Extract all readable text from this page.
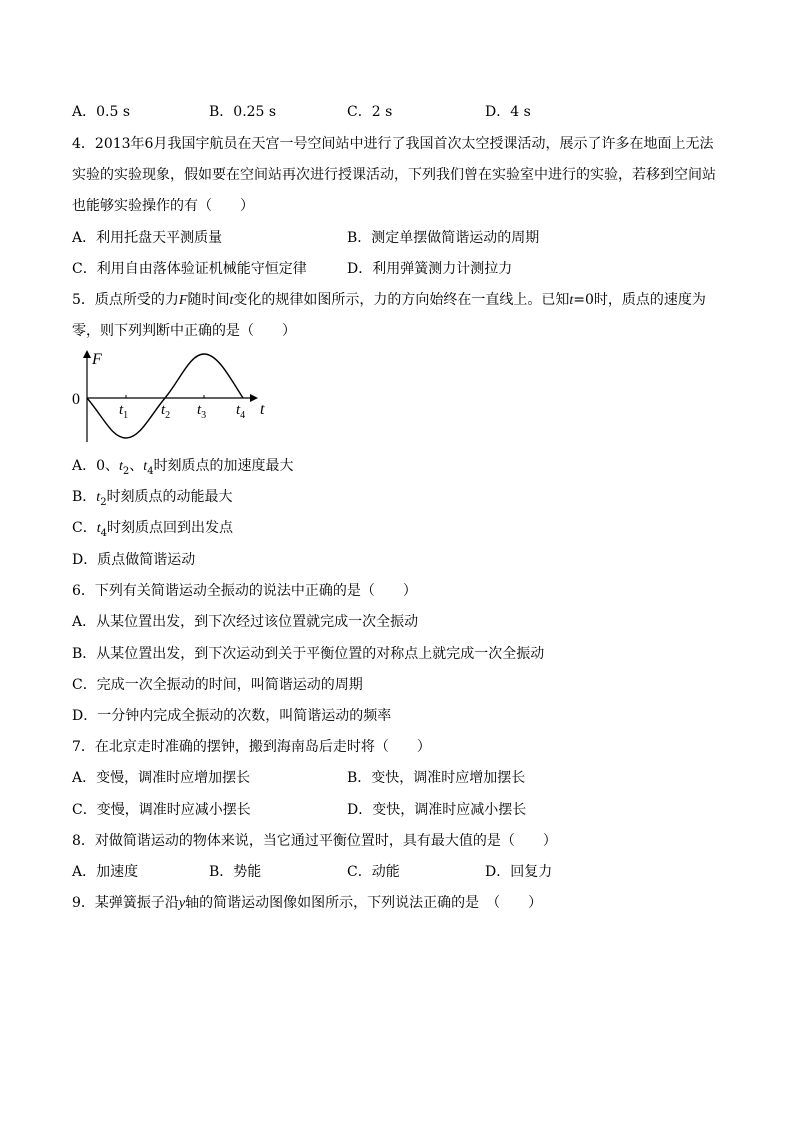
A．0.5 s	B．0.25 s	C．2 s	D．4 s
4．2013年6月我国宇航员在天宫一号空间站中进行了我国首次太空授课活动，展示了许多在地面上无法
实验的实验现象，假如要在空间站再次进行授课活动，下列我们曾在实验室中进行的实验，若移到空间站
也能够实验操作的有（　　）
A．利用托盘天平测质量	B．测定单摆做简谐运动的周期
C．利用自由落体验证机械能守恒定律	D．利用弹簧测力计测拉力
5．质点所受的力F随时间t变化的规律如图所示，力的方向始终在一直线上。已知t=0时，质点的速度为
零，则下列判断中正确的是（　　）
F
0
t
$t_1$ $t_2$ $t_3$ $t_4$
A．0、$t_2$、$t_4$时刻质点的加速度最大
B．$t_2$时刻质点的动能最大
C．$t_4$时刻质点回到出发点
D．质点做简谐运动
6．下列有关简谐运动全振动的说法中正确的是（　　）
A．从某位置出发，到下次经过该位置就完成一次全振动
B．从某位置出发，到下次运动到关于平衡位置的对称点上就完成一次全振动
C．完成一次全振动的时间，叫简谐运动的周期
D．一分钟内完成全振动的次数，叫简谐运动的频率
7．在北京走时准确的摆钟，搬到海南岛后走时将（　　）
A．变慢，调准时应增加摆长	B．变快，调准时应增加摆长
C．变慢，调准时应减小摆长	D．变快，调准时应减小摆长
8．对做简谐运动的物体来说，当它通过平衡位置时，具有最大值的是（　　）
A．加速度	B．势能	C．动能	D．回复力
9．某弹簧振子沿y轴的简谐运动图像如图所示，下列说法正确的是　（　　）
